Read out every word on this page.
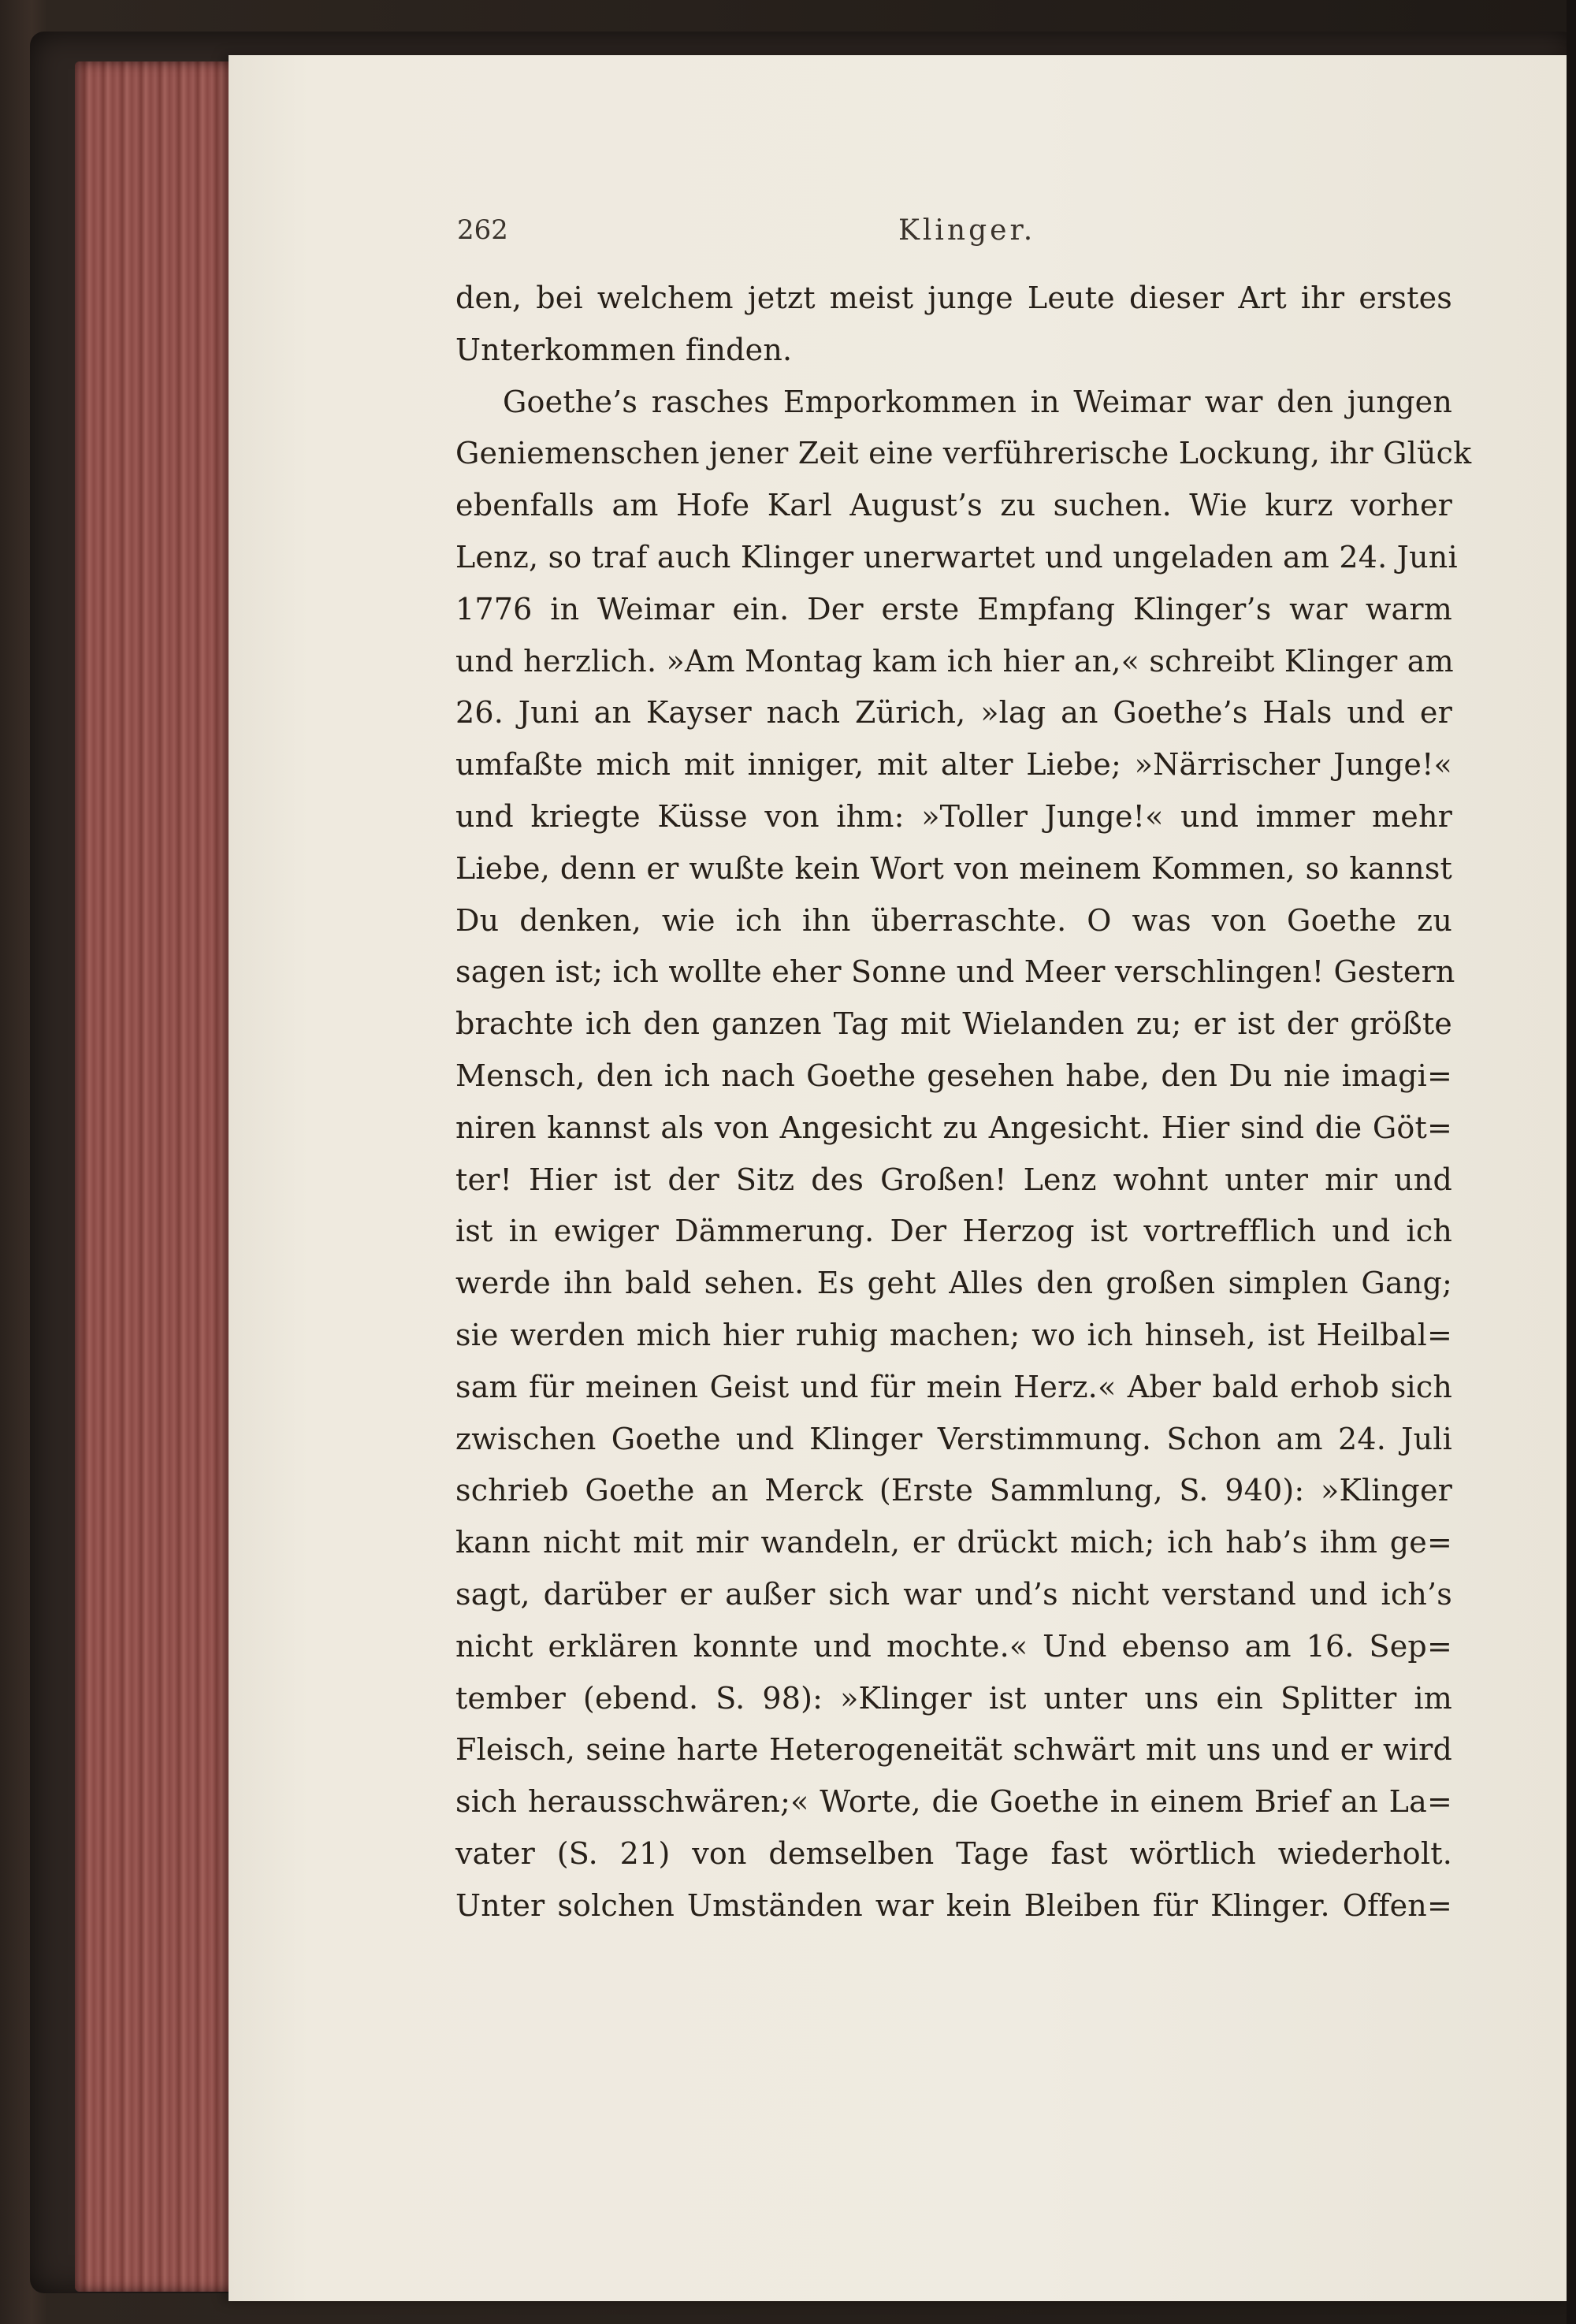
262	Klinger.
den, bei welchem jetzt meist junge Leute dieser Art ihr erstes
Unterkommen finden.
Goethe’s rasches Emporkommen in Weimar war den jungen
Geniemenschen jener Zeit eine verführerische Lockung, ihr Glück
ebenfalls am Hofe Karl August’s zu suchen. Wie kurz vorher
Lenz, so traf auch Klinger unerwartet und ungeladen am 24. Juni
1776 in Weimar ein. Der erste Empfang Klinger’s war warm
und herzlich. »Am Montag kam ich hier an,« schreibt Klinger am
26. Juni an Kayser nach Zürich, »lag an Goethe’s Hals und er
umfaßte mich mit inniger, mit alter Liebe; »Närrischer Junge!«
und kriegte Küsse von ihm: »Toller Junge!« und immer mehr
Liebe, denn er wußte kein Wort von meinem Kommen, so kannst
Du denken, wie ich ihn überraschte. O was von Goethe zu
sagen ist; ich wollte eher Sonne und Meer verschlingen! Gestern
brachte ich den ganzen Tag mit Wielanden zu; er ist der größte
Mensch, den ich nach Goethe gesehen habe, den Du nie imagi=
niren kannst als von Angesicht zu Angesicht. Hier sind die Göt=
ter! Hier ist der Sitz des Großen! Lenz wohnt unter mir und
ist in ewiger Dämmerung. Der Herzog ist vortrefflich und ich
werde ihn bald sehen. Es geht Alles den großen simplen Gang;
sie werden mich hier ruhig machen; wo ich hinseh, ist Heilbal=
sam für meinen Geist und für mein Herz.« Aber bald erhob sich
zwischen Goethe und Klinger Verstimmung. Schon am 24. Juli
schrieb Goethe an Merck (Erste Sammlung, S. 940): »Klinger
kann nicht mit mir wandeln, er drückt mich; ich hab’s ihm ge=
sagt, darüber er außer sich war und’s nicht verstand und ich’s
nicht erklären konnte und mochte.« Und ebenso am 16. Sep=
tember (ebend. S. 98): »Klinger ist unter uns ein Splitter im
Fleisch, seine harte Heterogeneität schwärt mit uns und er wird
sich herausschwären;« Worte, die Goethe in einem Brief an La=
vater (S. 21) von demselben Tage fast wörtlich wiederholt.
Unter solchen Umständen war kein Bleiben für Klinger. Offen=
